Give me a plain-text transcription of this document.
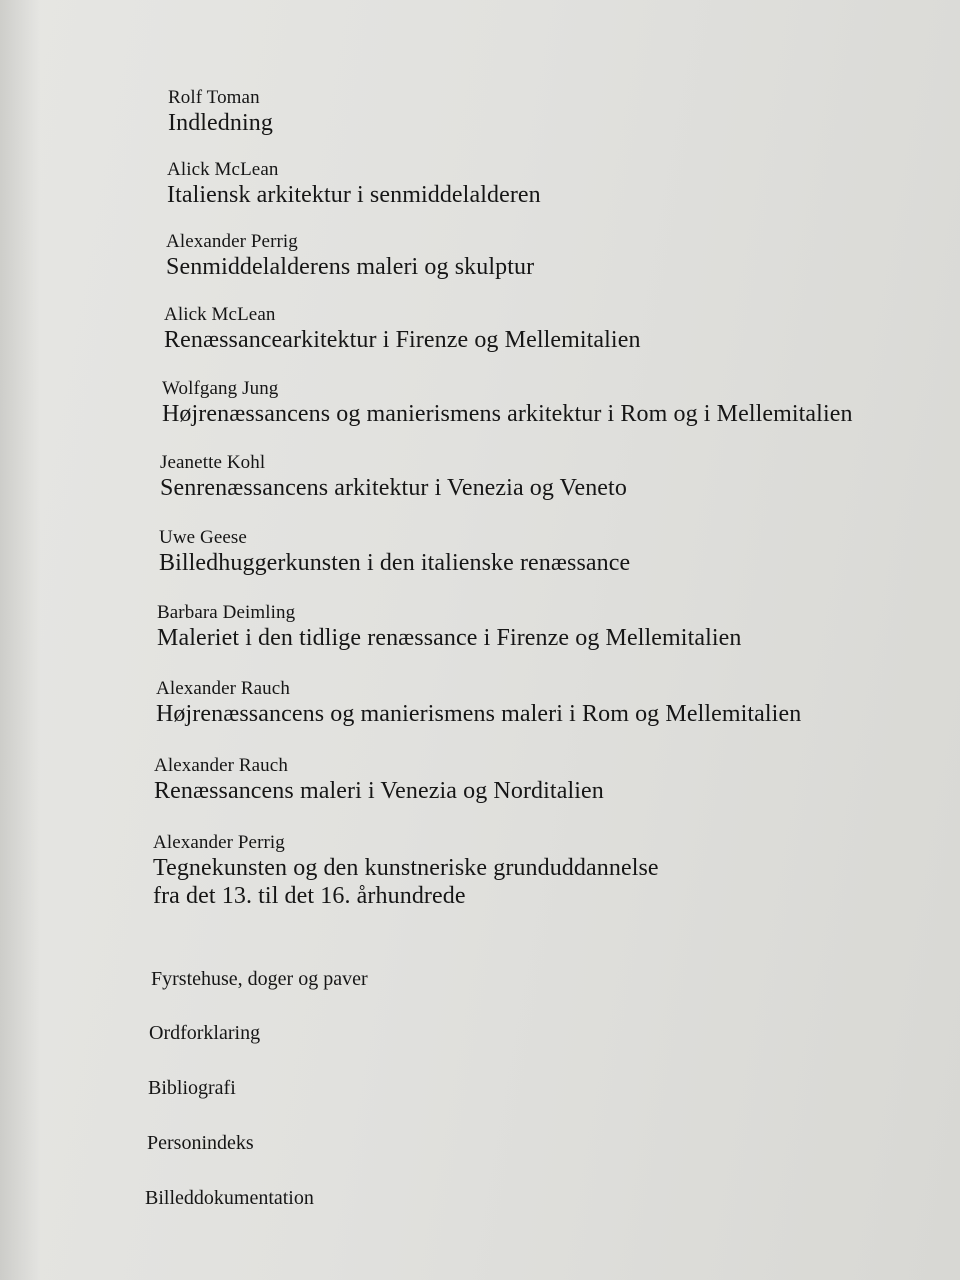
Rolf Toman
Indledning
Alick McLean
Italiensk arkitektur i senmiddelalderen
Alexander Perrig
Senmiddelalderens maleri og skulptur
Alick McLean
Renæssancearkitektur i Firenze og Mellemitalien
Wolfgang Jung
Højrenæssancens og manierismens arkitektur i Rom og i Mellemitalien
Jeanette Kohl
Senrenæssancens arkitektur i Venezia og Veneto
Uwe Geese
Billedhuggerkunsten i den italienske renæssance
Barbara Deimling
Maleriet i den tidlige renæssance i Firenze og Mellemitalien
Alexander Rauch
Højrenæssancens og manierismens maleri i Rom og Mellemitalien
Alexander Rauch
Renæssancens maleri i Venezia og Norditalien
Alexander Perrig
Tegnekunsten og den kunstneriske grunduddannelse
fra det 13. til det 16. århundrede
Fyrstehuse, doger og paver
Ordforklaring
Bibliografi
Personindeks
Billeddokumentation
